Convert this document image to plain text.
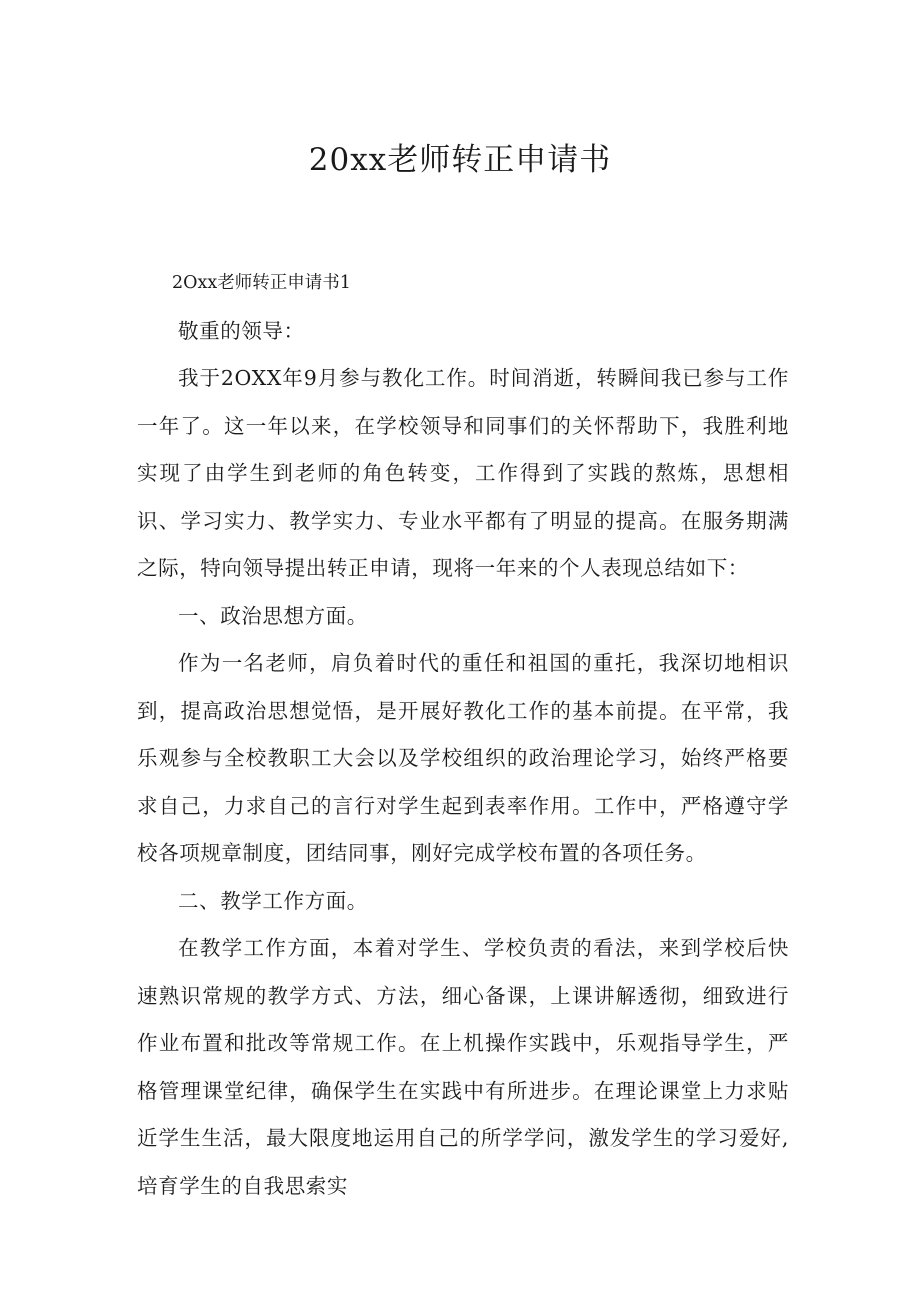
20xx老师转正申请书

2Oxx老师转正申请书1

敬重的领导：

我于2OXX年9月参与教化工作。时间消逝，转瞬间我已参与工作一年了。这一年以来，在学校领导和同事们的关怀帮助下，我胜利地实现了由学生到老师的角色转变，工作得到了实践的熬炼，思想相识、学习实力、教学实力、专业水平都有了明显的提高。在服务期满之际，特向领导提出转正申请，现将一年来的个人表现总结如下：

一、政治思想方面。

作为一名老师，肩负着时代的重任和祖国的重托，我深切地相识到，提高政治思想觉悟，是开展好教化工作的基本前提。在平常，我乐观参与全校教职工大会以及学校组织的政治理论学习，始终严格要求自己，力求自己的言行对学生起到表率作用。工作中，严格遵守学校各项规章制度，团结同事，刚好完成学校布置的各项任务。

二、教学工作方面。

在教学工作方面，本着对学生、学校负责的看法，来到学校后快速熟识常规的教学方式、方法，细心备课，上课讲解透彻，细致进行作业布置和批改等常规工作。在上机操作实践中，乐观指导学生，严格管理课堂纪律，确保学生在实践中有所进步。在理论课堂上力求贴近学生生活，最大限度地运用自己的所学学问，激发学生的学习爱好,培育学生的自我思索实
